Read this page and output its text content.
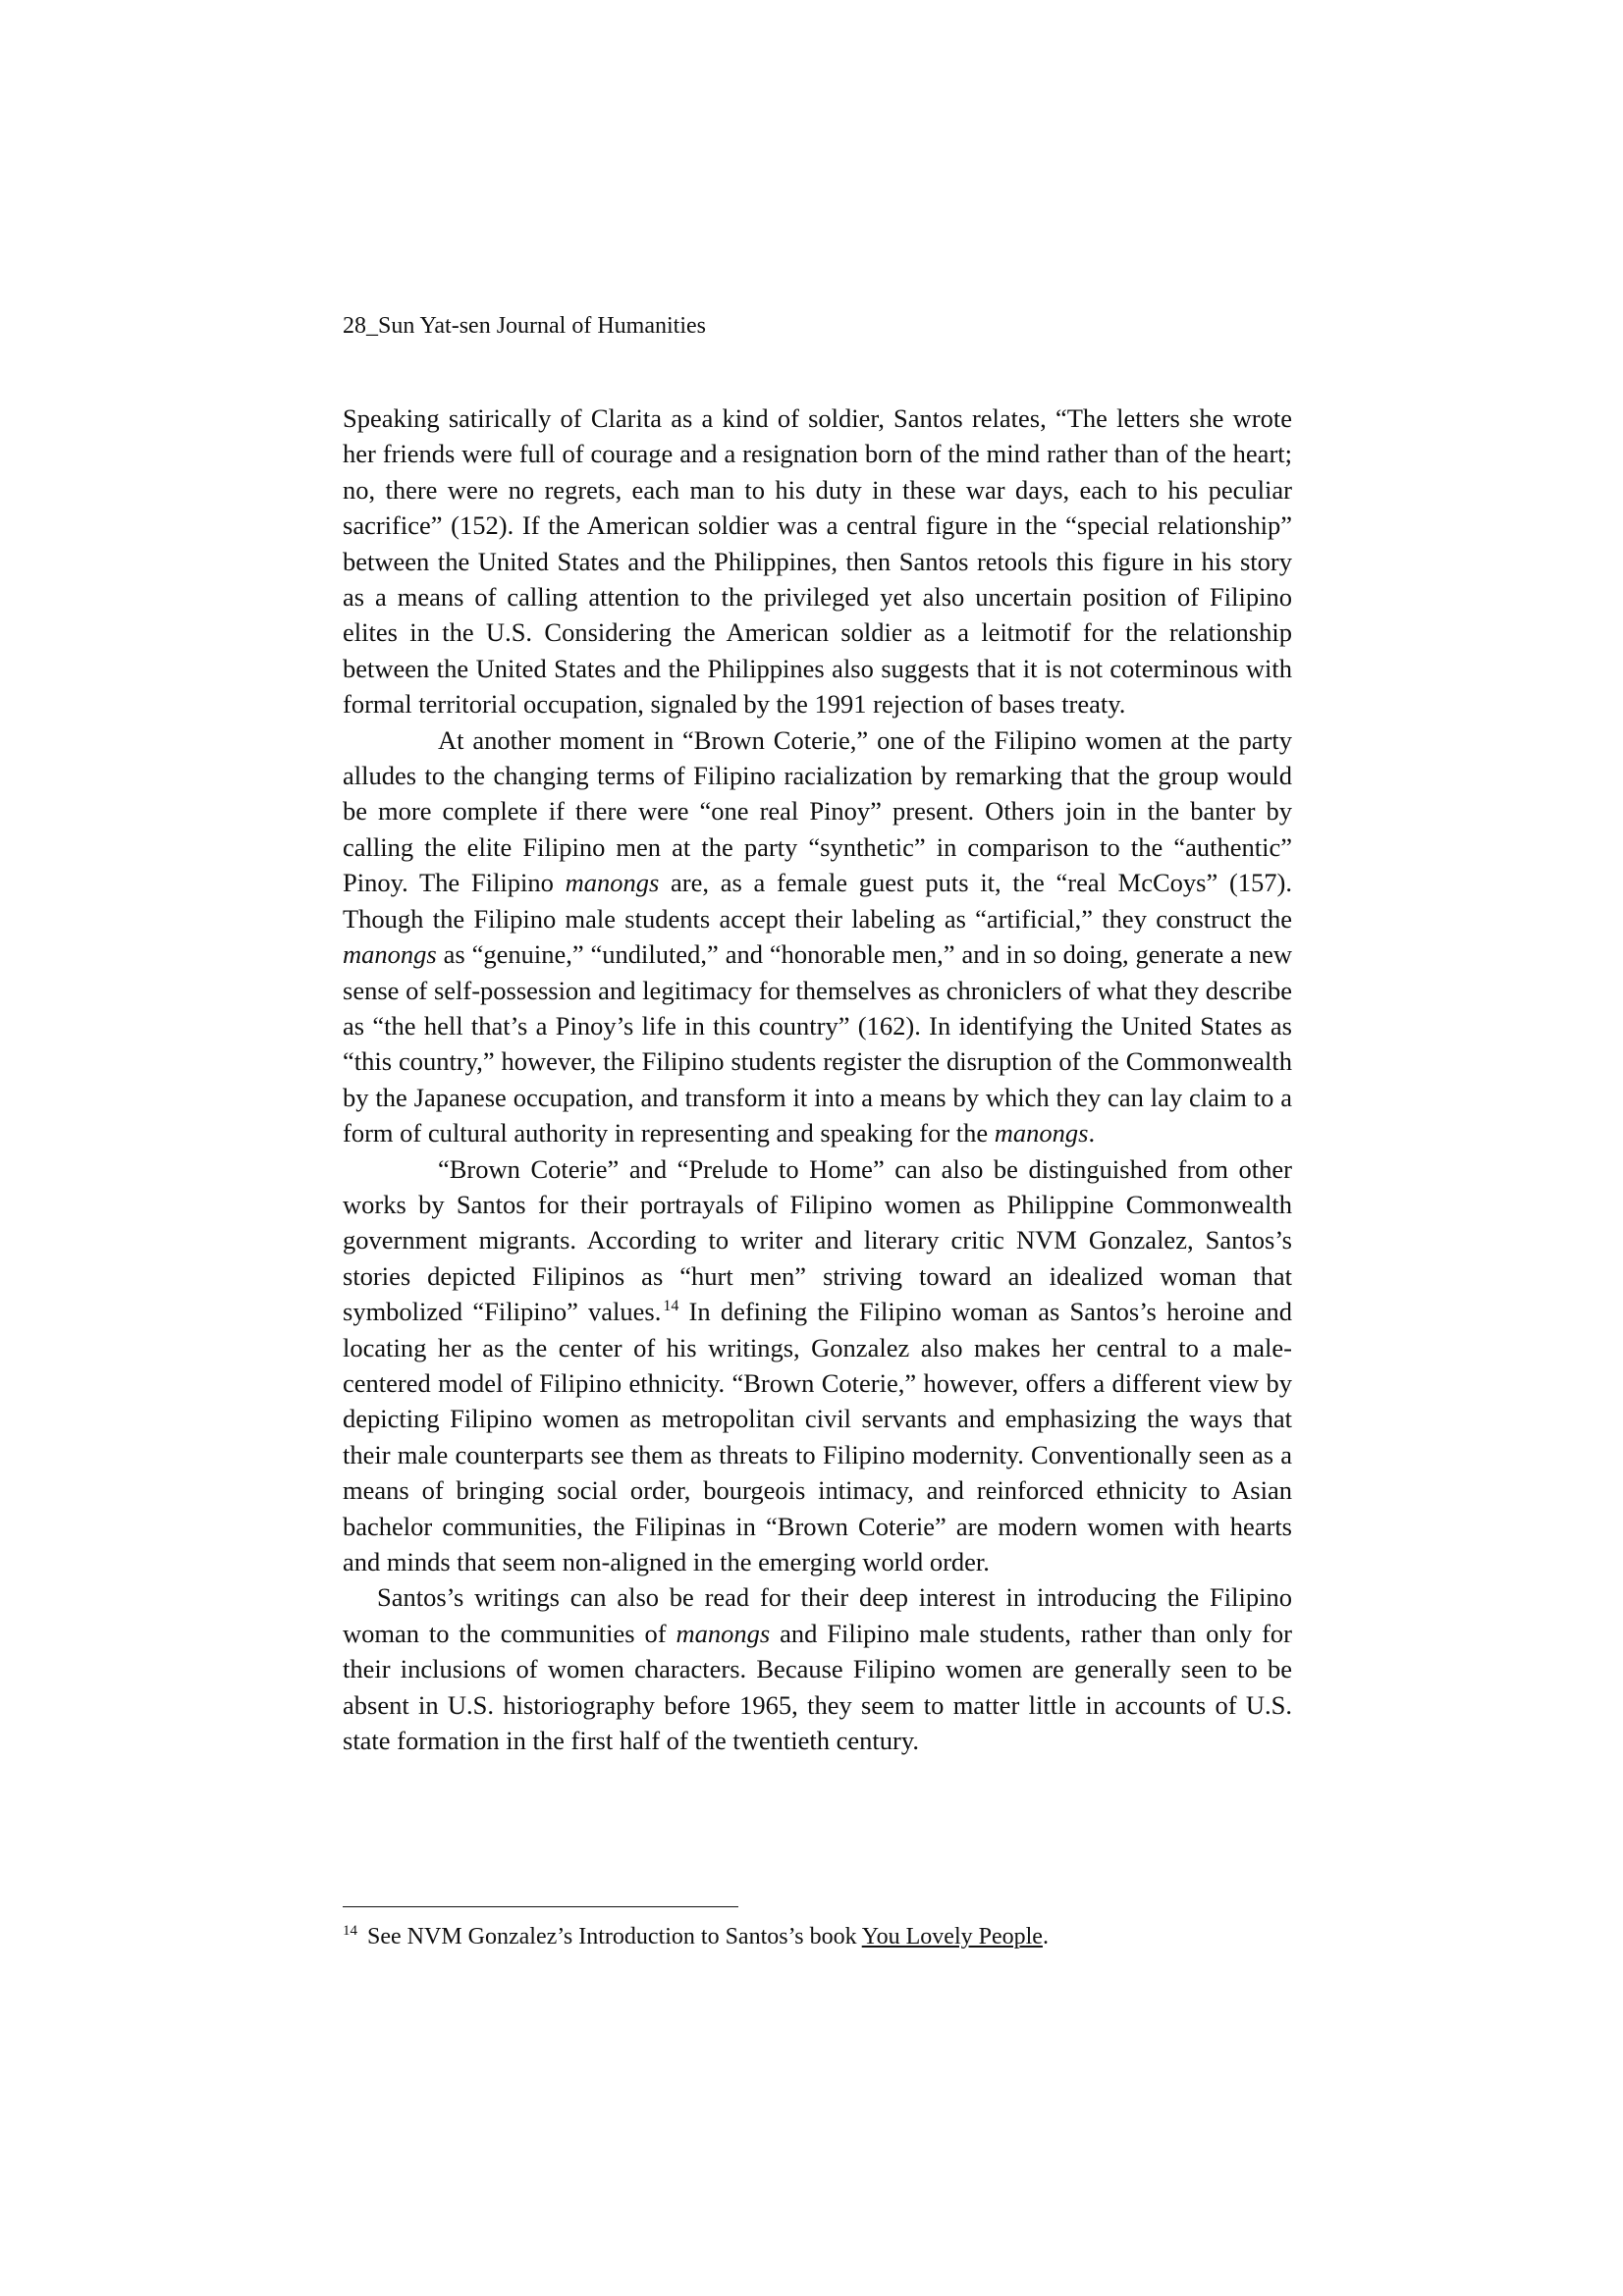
28_Sun Yat-sen Journal of Humanities

Speaking satirically of Clarita as a kind of soldier, Santos relates, “The letters she wrote her friends were full of courage and a resignation born of the mind rather than of the heart; no, there were no regrets, each man to his duty in these war days, each to his peculiar sacrifice” (152). If the American soldier was a central figure in the “special relationship” between the United States and the Philippines, then Santos retools this figure in his story as a means of calling attention to the privileged yet also uncertain position of Filipino elites in the U.S. Considering the American soldier as a leitmotif for the relationship between the United States and the Philippines also suggests that it is not coterminous with formal territorial occupation, signaled by the 1991 rejection of bases treaty.

At another moment in “Brown Coterie,” one of the Filipino women at the party alludes to the changing terms of Filipino racialization by remarking that the group would be more complete if there were “one real Pinoy” present. Others join in the banter by calling the elite Filipino men at the party “synthetic” in comparison to the “authentic” Pinoy. The Filipino manongs are, as a female guest puts it, the “real McCoys” (157). Though the Filipino male students accept their labeling as “artificial,” they construct the manongs as “genuine,” “undiluted,” and “honorable men,” and in so doing, generate a new sense of self-possession and legitimacy for themselves as chroniclers of what they describe as “the hell that’s a Pinoy’s life in this country” (162). In identifying the United States as “this country,” however, the Filipino students register the disruption of the Commonwealth by the Japanese occupation, and transform it into a means by which they can lay claim to a form of cultural authority in representing and speaking for the manongs.

“Brown Coterie” and “Prelude to Home” can also be distinguished from other works by Santos for their portrayals of Filipino women as Philippine Commonwealth government migrants. According to writer and literary critic NVM Gonzalez, Santos’s stories depicted Filipinos as “hurt men” striving toward an idealized woman that symbolized “Filipino” values. $^{14}$ In defining the Filipino woman as Santos’s heroine and locating her as the center of his writings, Gonzalez also makes her central to a male-centered model of Filipino ethnicity. “Brown Coterie,” however, offers a different view by depicting Filipino women as metropolitan civil servants and emphasizing the ways that their male counterparts see them as threats to Filipino modernity. Conventionally seen as a means of bringing social order, bourgeois intimacy, and reinforced ethnicity to Asian bachelor communities, the Filipinas in “Brown Coterie” are modern women with hearts and minds that seem non-aligned in the emerging world order.

Santos’s writings can also be read for their deep interest in introducing the Filipino woman to the communities of manongs and Filipino male students, rather than only for their inclusions of women characters. Because Filipino women are generally seen to be absent in U.S. historiography before 1965, they seem to matter little in accounts of U.S. state formation in the first half of the twentieth century.

$^{14}$ See NVM Gonzalez’s Introduction to Santos’s book You Lovely People.
